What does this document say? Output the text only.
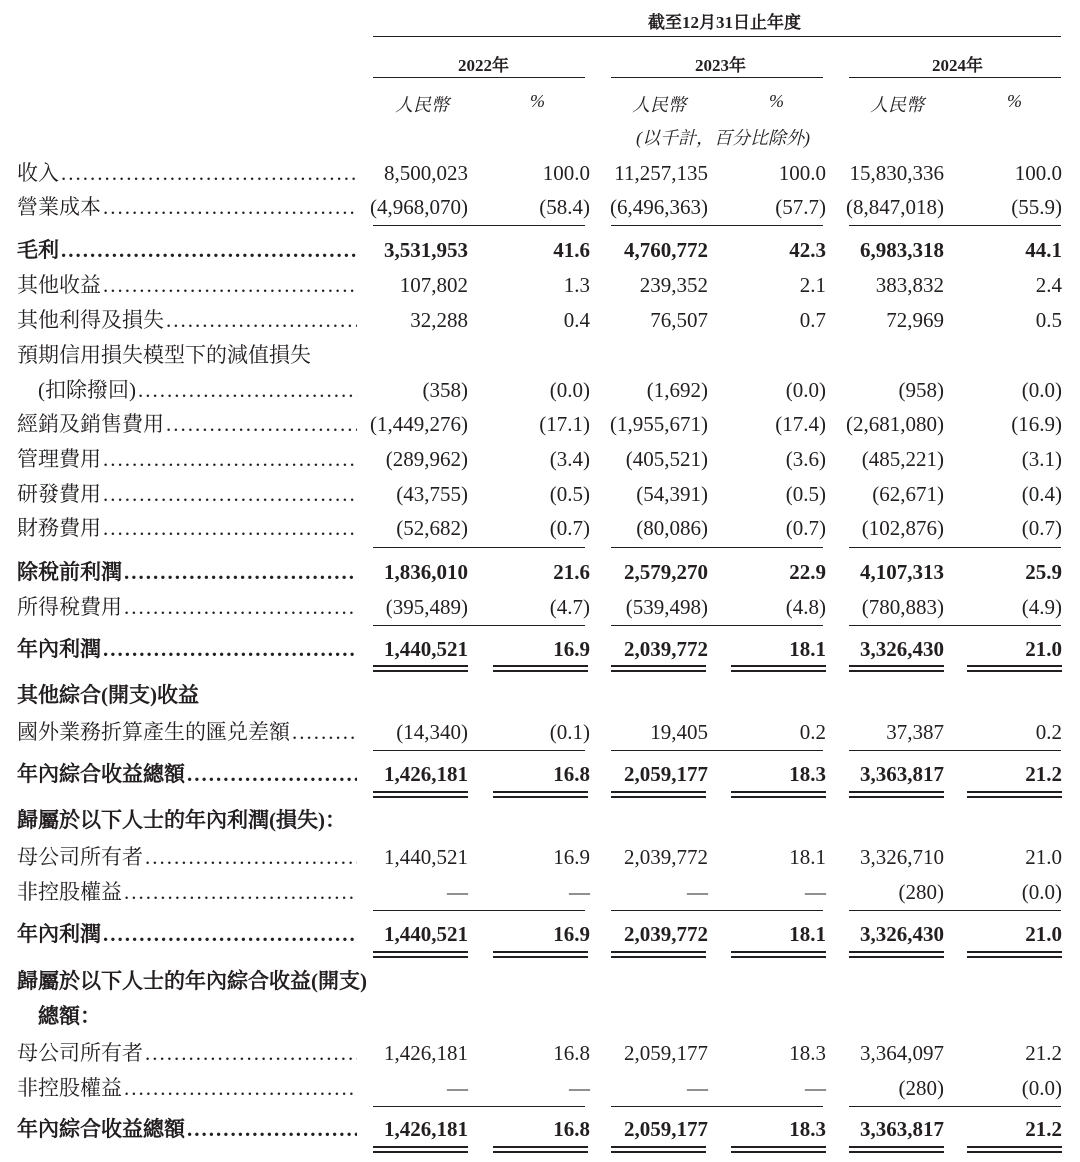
截至12月31日止年度
2022年	2023年	2024年
人民幣	%	人民幣	%	人民幣	%
(以千計，百分比除外)
收入 .....	8,500,023	100.0 11,257,135	100.0 15,830,336	100.0
營業成本 .....	(4,968,070)	(58.4) (6,496,363)	(57.7) (8,847,018)	(55.9)
毛利 .....	3,531,953	41.6 4,760,772	42.3 6,983,318	44.1
其他收益 .....	107,802	1.3 239,352	2.1 383,832	2.4
其他利得及損失 .....	32,288	0.4	76,507	0.7	72,969	0.5
預期信用損失模型下的減值損失
(扣除撥回) .....	(358)	(0.0)	(1,692)	(0.0)	(958)	(0.0)
經銷及銷售費用 .....	(1,449,276)	(17.1) (1,955,671)	(17.4) (2,681,080)	(16.9)
管理費用 .....	(289,962)	(3.4) (405,521)	(3.6) (485,221)	(3.1)
研發費用 .....	(43,755)	(0.5) (54,391)	(0.5) (62,671)	(0.4)
財務費用 .....	(52,682)	(0.7) (80,086)	(0.7) (102,876)	(0.7)
除稅前利潤 .....	1,836,010	21.6 2,579,270	22.9 4,107,313	25.9
所得稅費用 .....	(395,489)	(4.7) (539,498)	(4.8) (780,883)	(4.9)
年內利潤 .....	1,440,521	16.9 2,039,772	18.1 3,326,430	21.0
其他綜合(開支)收益
國外業務折算產生的匯兑差額 .....	(14,340)	(0.1)	19,405	0.2	37,387	0.2
年內綜合收益總額 .....	1,426,181	16.8 2,059,177	18.3 3,363,817	21.2
歸屬於以下人士的年內利潤(損失)：
母公司所有者 .....	1,440,521	16.9 2,039,772	18.1 3,326,710	21.0
非控股權益 .....	—	—	—	—	(280)	(0.0)
年內利潤 .....	1,440,521	16.9 2,039,772	18.1 3,326,430	21.0
歸屬於以下人士的年內綜合收益(開支)
總額：
母公司所有者 .....	1,426,181	16.8 2,059,177	18.3 3,364,097	21.2
非控股權益 .....	—	—	—	—	(280)	(0.0)
年內綜合收益總額 .....	1,426,181	16.8 2,059,177	18.3 3,363,817	21.2
